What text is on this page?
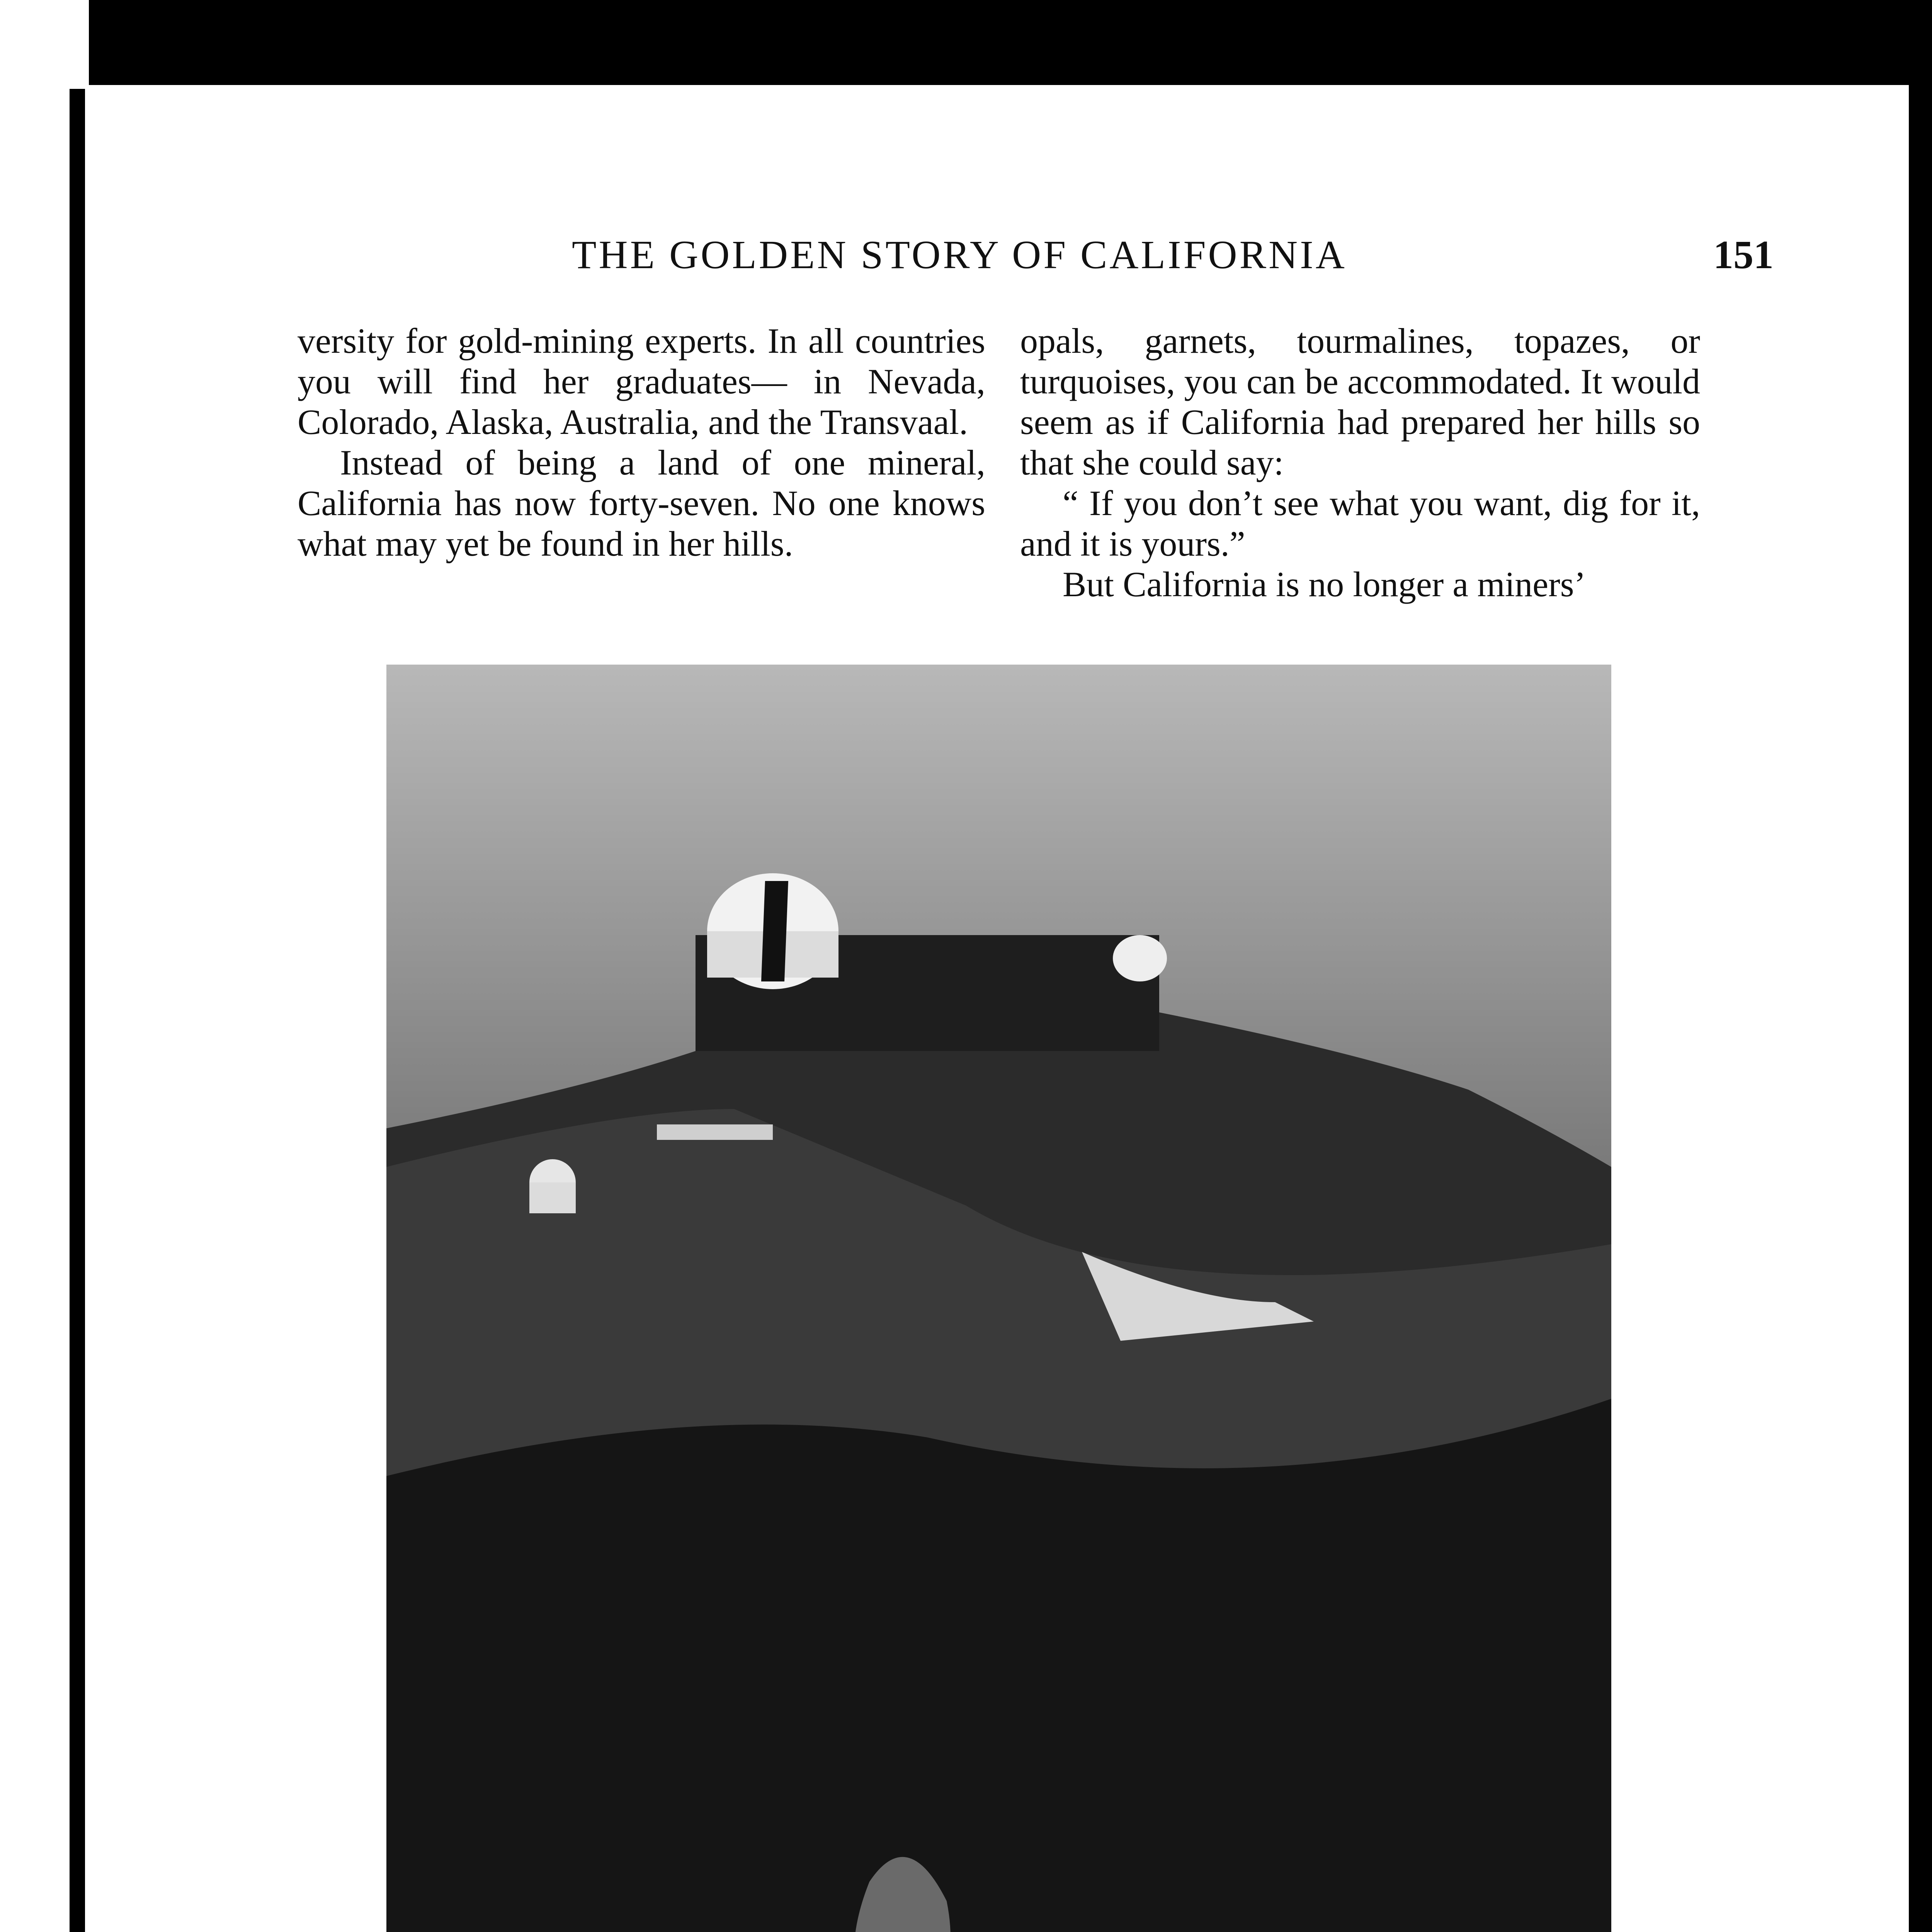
THE GOLDEN STORY OF CALIFORNIA	151

versity for gold-mining experts. In all countries you will find her graduates— in Nevada, Colorado, Alaska, Australia, and the Transvaal.

Instead of being a land of one mineral, California has now forty-seven. No one knows what may yet be found in her hills.

opals, garnets, tourmalines, topazes, or turquoises, you can be accommodated. It would seem as if California had prepared her hills so that she could say:

“ If you don’t see what you want, dig for it, and it is yours.”

But California is no longer a miners’
